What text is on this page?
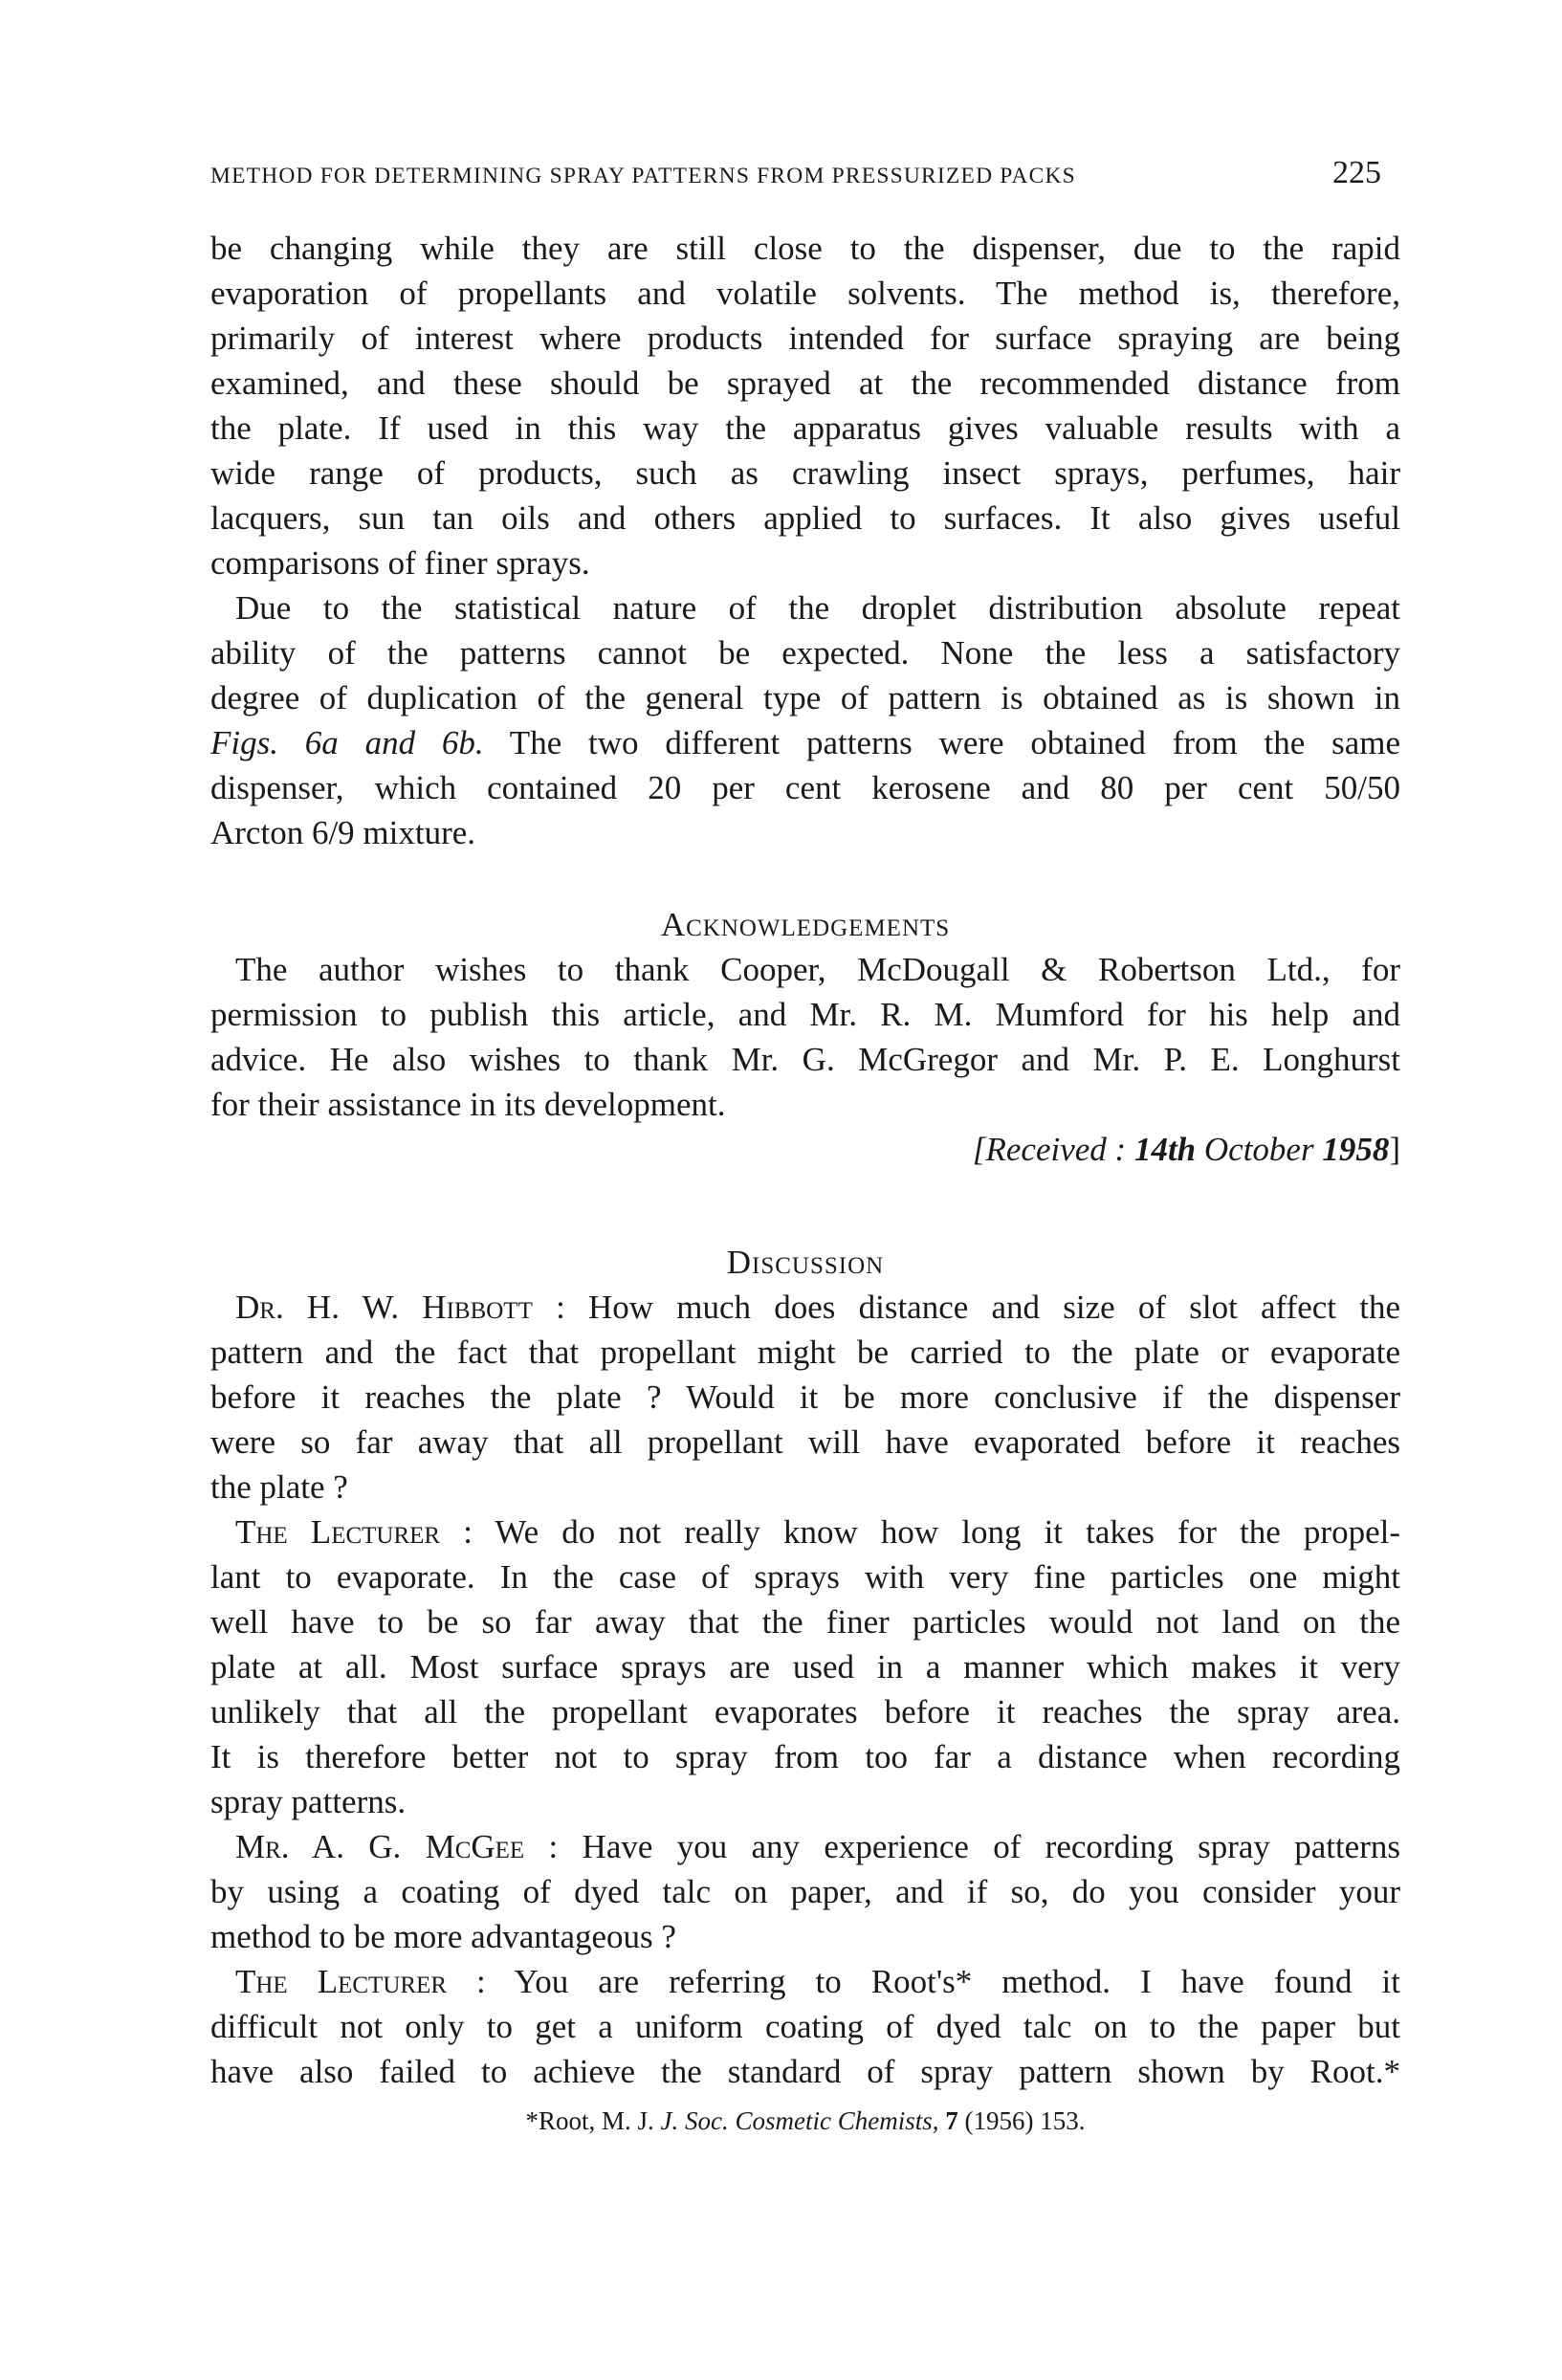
METHOD FOR DETERMINING SPRAY PATTERNS FROM PRESSURIZED PACKS	225
be changing while they are still close to the dispenser, due to the rapid
evaporation of propellants and volatile solvents. The method is, therefore,
primarily of interest where products intended for surface spraying are being
examined, and these should be sprayed at the recommended distance from
the plate. If used in this way the apparatus gives valuable results with a
wide range of products, such as crawling insect sprays, perfumes, hair
lacquers, sun tan oils and others applied to surfaces. It also gives useful
comparisons of finer sprays.
Due to the statistical nature of the droplet distribution absolute repeat
ability of the patterns cannot be expected. None the less a satisfactory
degree of duplication of the general type of pattern is obtained as is shown in
Figs. 6a and 6b. The two different patterns were obtained from the same
dispenser, which contained 20 per cent kerosene and 80 per cent 50/50
Arcton 6/9 mixture.
Acknowledgements
The author wishes to thank Cooper, McDougall & Robertson Ltd., for
permission to publish this article, and Mr. R. M. Mumford for his help and
advice. He also wishes to thank Mr. G. McGregor and Mr. P. E. Longhurst
for their assistance in its development.
[Received : 14th October 1958]
Discussion
Dr. H. W. Hibbott : How much does distance and size of slot affect the
pattern and the fact that propellant might be carried to the plate or evaporate
before it reaches the plate ? Would it be more conclusive if the dispenser
were so far away that all propellant will have evaporated before it reaches
the plate ?
The Lecturer : We do not really know how long it takes for the propel-
lant to evaporate. In the case of sprays with very fine particles one might
well have to be so far away that the finer particles would not land on the
plate at all. Most surface sprays are used in a manner which makes it very
unlikely that all the propellant evaporates before it reaches the spray area.
It is therefore better not to spray from too far a distance when recording
spray patterns.
Mr. A. G. McGee : Have you any experience of recording spray patterns
by using a coating of dyed talc on paper, and if so, do you consider your
method to be more advantageous ?
The Lecturer : You are referring to Root's* method. I have found it
difficult not only to get a uniform coating of dyed talc on to the paper but
have also failed to achieve the standard of spray pattern shown by Root.*
*Root, M. J. J. Soc. Cosmetic Chemists, 7 (1956) 153.
